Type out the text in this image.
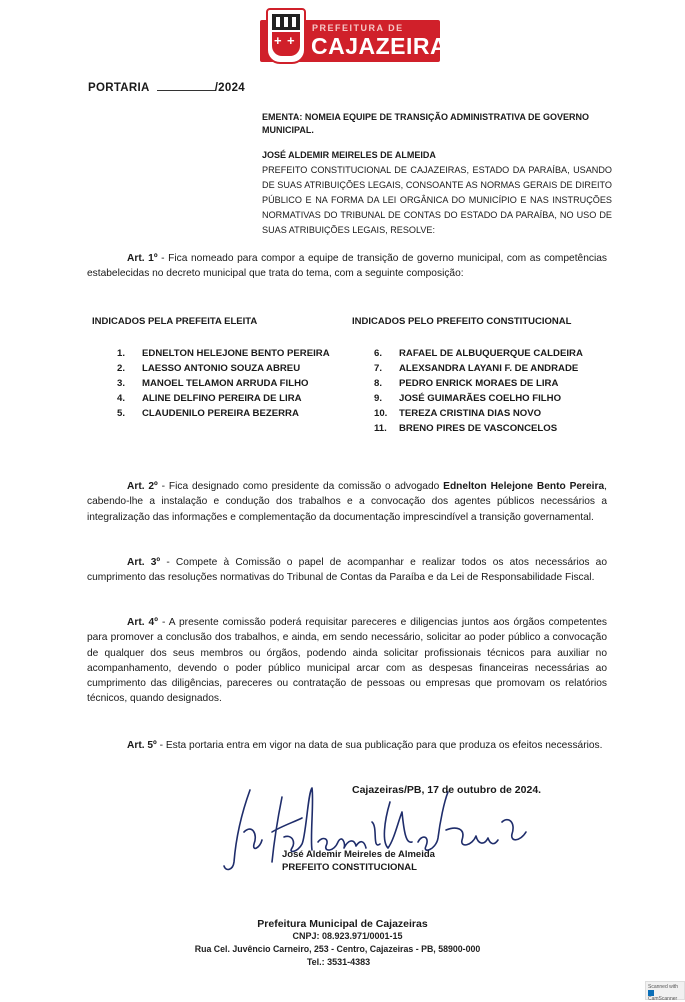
+ +
PREFEITURA DE
CAJAZEIRAS
PORTARIA	/2024
EMENTA: NOMEIA EQUIPE DE TRANSIÇÃO ADMINISTRATIVA DE GOVERNO MUNICIPAL.
JOSÉ ALDEMIR MEIRELES DE ALMEIDA
PREFEITO CONSTITUCIONAL DE CAJAZEIRAS, ESTADO DA PARAÍBA, USANDO DE SUAS ATRIBUIÇÕES LEGAIS, CONSOANTE AS NORMAS GERAIS DE DIREITO PÚBLICO E NA FORMA DA LEI ORGÂNICA DO MUNICÍPIO E NAS INSTRUÇÕES NORMATIVAS DO TRIBUNAL DE CONTAS DO ESTADO DA PARAÍBA, NO USO DE SUAS ATRIBUIÇÕES LEGAIS, RESOLVE:
Art. 1º - Fica nomeado para compor a equipe de transição de governo municipal, com as competências estabelecidas no decreto municipal que trata do tema, com a seguinte composição:
INDICADOS PELA PREFEITA ELEITA	INDICADOS PELO PREFEITO CONSTITUCIONAL
1.	EDNELTON HELEJONE BENTO PEREIRA
2.	LAESSO ANTONIO SOUZA ABREU
3.	MANOEL TELAMON ARRUDA FILHO
4.	ALINE DELFINO PEREIRA DE LIRA
5.	CLAUDENILO PEREIRA BEZERRA
6.	RAFAEL DE ALBUQUERQUE CALDEIRA
7.	ALEXSANDRA LAYANI F. DE ANDRADE
8.	PEDRO ENRICK MORAES DE LIRA
9.	JOSÉ GUIMARÃES COELHO FILHO
10.	TEREZA CRISTINA DIAS NOVO
11.	BRENO PIRES DE VASCONCELOS
Art. 2º - Fica designado como presidente da comissão o advogado Ednelton Helejone Bento Pereira, cabendo-lhe a instalação e condução dos trabalhos e a convocação dos agentes públicos necessários a integralização das informações e complementação da documentação imprescindível a transição governamental.
Art. 3º - Compete à Comissão o papel de acompanhar e realizar todos os atos necessários ao cumprimento das resoluções normativas do Tribunal de Contas da Paraíba e da Lei de Responsabilidade Fiscal.
Art. 4º - A presente comissão poderá requisitar pareceres e diligencias juntos aos órgãos competentes para promover a conclusão dos trabalhos, e ainda, em sendo necessário, solicitar ao poder público a convocação de qualquer dos seus membros ou órgãos, podendo ainda solicitar profissionais técnicos para auxiliar no acompanhamento, devendo o poder público municipal arcar com as despesas financeiras necessárias ao cumprimento das diligências, pareceres ou contratação de pessoas ou empresas que promovam os relatórios técnicos, quando designados.
Art. 5º - Esta portaria entra em vigor na data de sua publicação para que produza os efeitos necessários.
Cajazeiras/PB, 17 de outubro de 2024.
José Aldemir M. de Almeida
José Aldemir Meireles de Almeida
PREFEITO CONSTITUCIONAL
Prefeitura Municipal de Cajazeiras
CNPJ: 08.923.971/0001-15
Rua Cel. Juvêncio Carneiro, 253 - Centro, Cajazeiras - PB, 58900-000
Tel.: 3531-4383
Scanned with
CamScanner
